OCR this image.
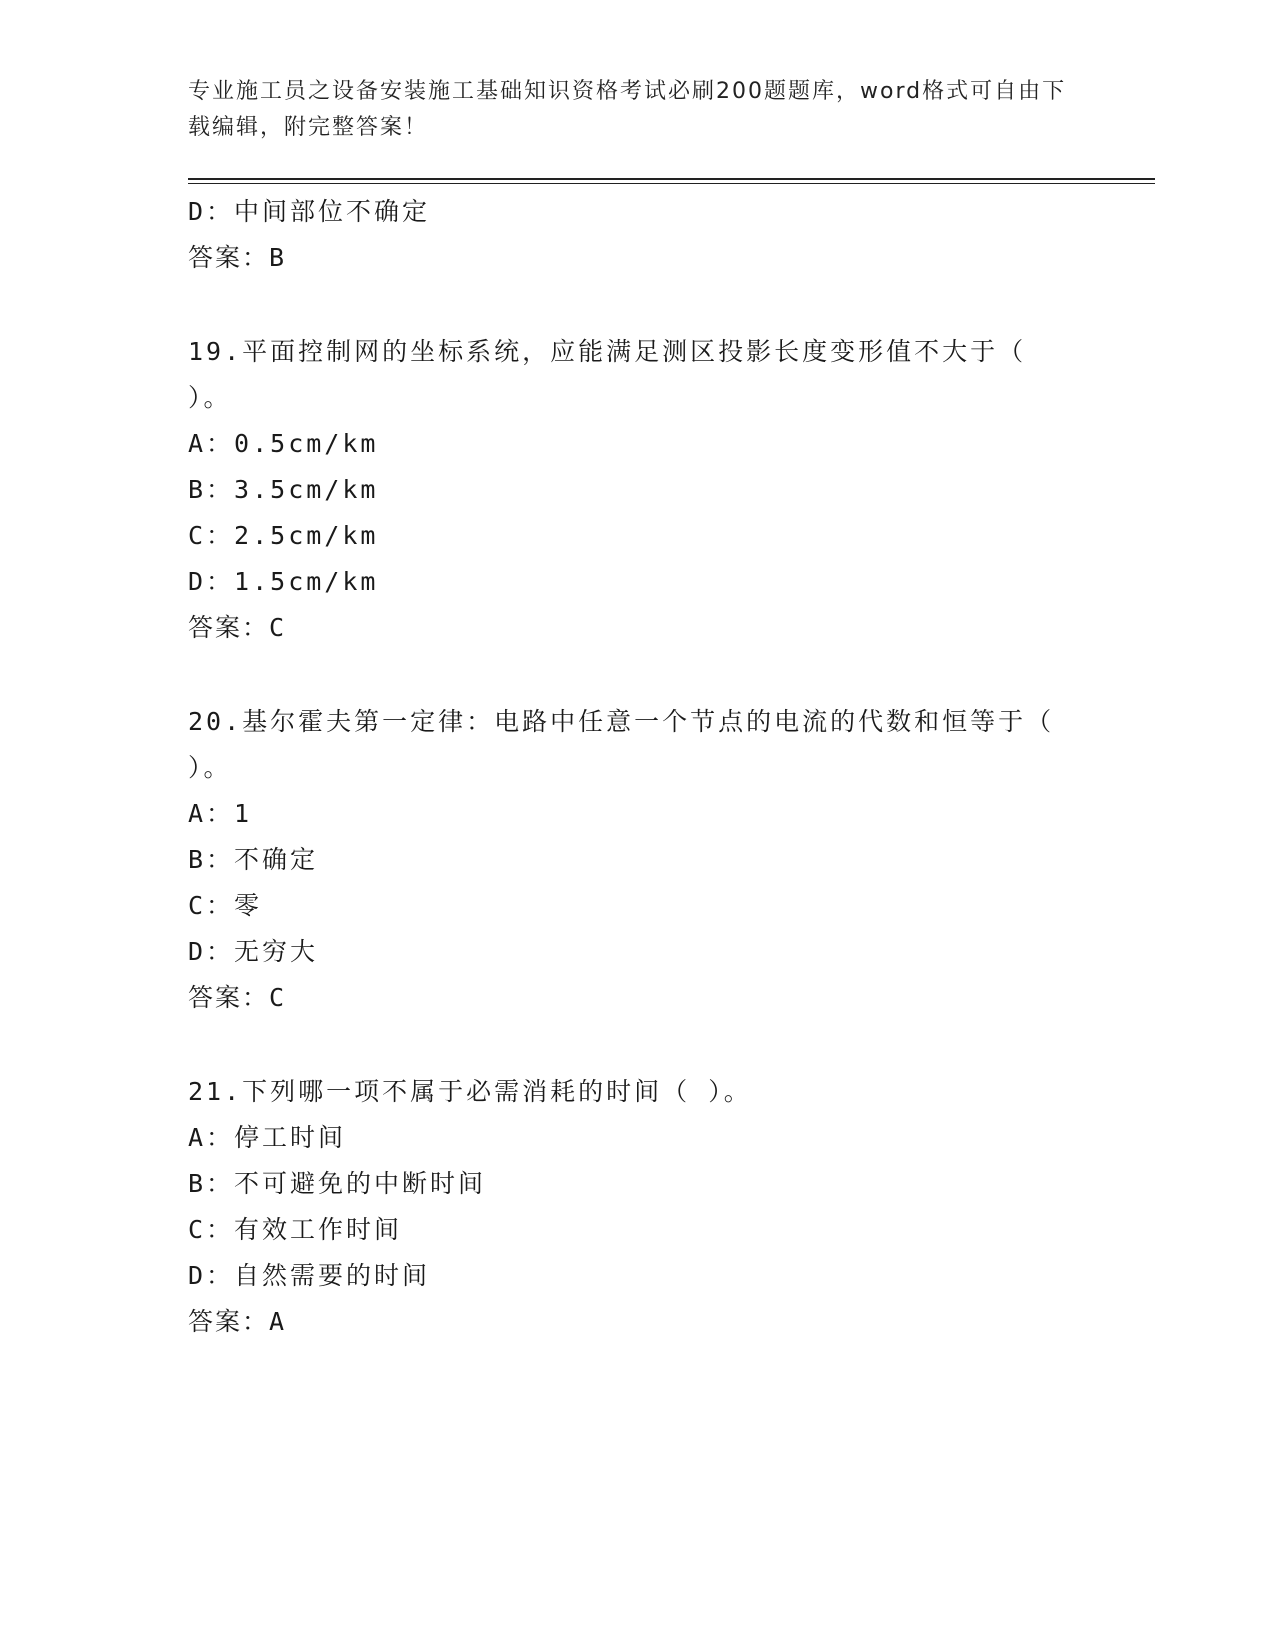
专业施工员之设备安装施工基础知识资格考试必刷200题题库，word格式可自由下载编辑，附完整答案！
D：中间部位不确定
答案：B
19.平面控制网的坐标系统，应能满足测区投影长度变形值不大于（
）。
A：0.5cm/km
B：3.5cm/km
C：2.5cm/km
D：1.5cm/km
答案：C
20.基尔霍夫第一定律：电路中任意一个节点的电流的代数和恒等于（
）。
A：1
B：不确定
C：零
D：无穷大
答案：C
21.下列哪一项不属于必需消耗的时间（ ）。
A：停工时间
B：不可避免的中断时间
C：有效工作时间
D：自然需要的时间
答案：A
